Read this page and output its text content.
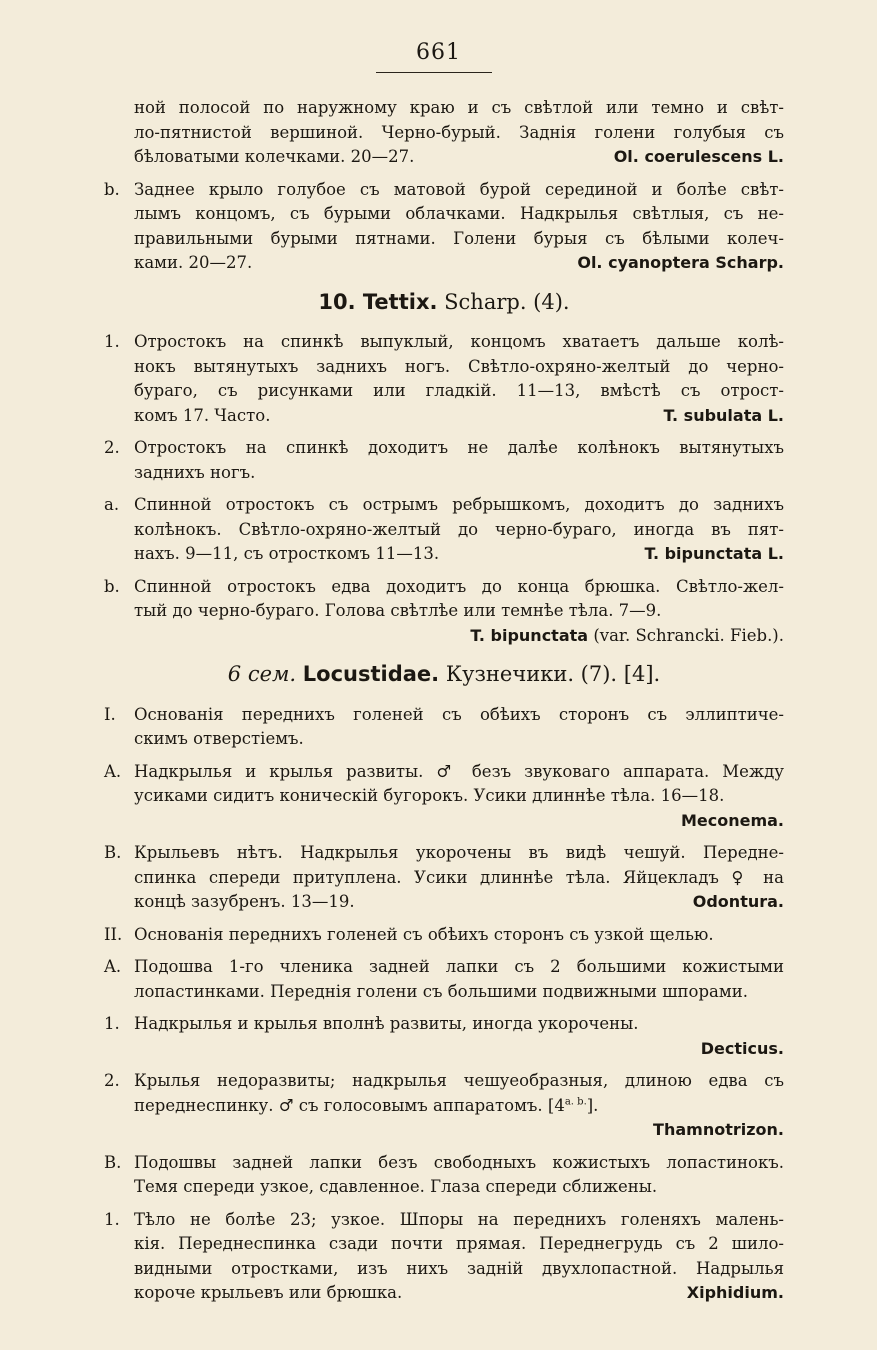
661
ной полосой по наружному краю и съ свѣтлой или темно и свѣт-
ло-пятнистой вершиной. Черно-бурый. Заднія голени голубыя съ
бѣловатыми колечками. 20—27.	Ol. coerulescens L.
b. Заднее крыло голубое съ матовой бурой серединой и болѣе свѣт-
лымъ концомъ, съ бурыми облачками. Надкрылья свѣтлыя, съ не-
правильными бурыми пятнами. Голени бурыя съ бѣлыми колеч-
ками. 20—27.	Ol. cyanoptera Scharp.
10. Tettix. Scharp. (4).
1. Отростокъ на спинкѣ выпуклый, концомъ хватаетъ дальше колѣ-
нокъ вытянутыхъ заднихъ ногъ. Свѣтло-охряно-желтый до черно-
бураго, съ рисунками или гладкій. 11—13, вмѣстѣ съ отрост-
комъ 17. Часто.	T. subulata L.
2. Отростокъ на спинкѣ доходитъ не далѣе колѣнокъ вытянутыхъ
заднихъ ногъ.
a. Спинной отростокъ съ острымъ ребрышкомъ, доходитъ до заднихъ
колѣнокъ. Свѣтло-охряно-желтый до черно-бураго, иногда въ пят-
нахъ. 9—11, съ отросткомъ 11—13.	T. bipunctata L.
b. Спинной отростокъ едва доходитъ до конца брюшка. Свѣтло-жел-
тый до черно-бураго. Голова свѣтлѣе или темнѣе тѣла. 7—9.
T. bipunctata (var. Schrancki. Fieb.).
6 сем. Locustidae. Кузнечики. (7). [4].
I.	Основанія переднихъ голеней съ обѣихъ сторонъ съ эллиптиче-
скимъ отверстіемъ.
A. Надкрылья и крылья развиты. ♂ безъ звуковаго аппарата. Между
усиками сидитъ коническій бугорокъ. Усики длиннѣе тѣла. 16—18.
Meconema.
B. Крыльевъ нѣтъ. Надкрылья укорочены въ видѣ чешуй. Передне-
спинка спереди притуплена. Усики длиннѣе тѣла. Яйцекладъ ♀ на
концѣ зазубренъ. 13—19.	Odontura.
II. Основанія переднихъ голеней съ обѣихъ сторонъ съ узкой щелью.
A. Подошва 1-го членика задней лапки съ 2 большими кожистыми
лопастинками. Переднія голени съ большими подвижными шпорами.
1. Надкрылья и крылья вполнѣ развиты, иногда укорочены.
Decticus.
2. Крылья недоразвиты; надкрылья чешуеобразныя, длиною едва съ
переднеспинку. ♂ съ голосовымъ аппаратомъ. $[4^{a. b.}]$.
Thamnotrizon.
B. Подошвы задней лапки безъ свободныхъ кожистыхъ лопастинокъ.
Темя спереди узкое, сдавленное. Глаза спереди сближены.
1. Тѣло не болѣе 23; узкое. Шпоры на переднихъ голеняхъ малень-
кія. Переднеспинка сзади почти прямая. Переднегрудь съ 2 шило-
видными отростками, изъ нихъ задній двухлопастной. Надрылья
короче крыльевъ или брюшка.	Xiphidium.
